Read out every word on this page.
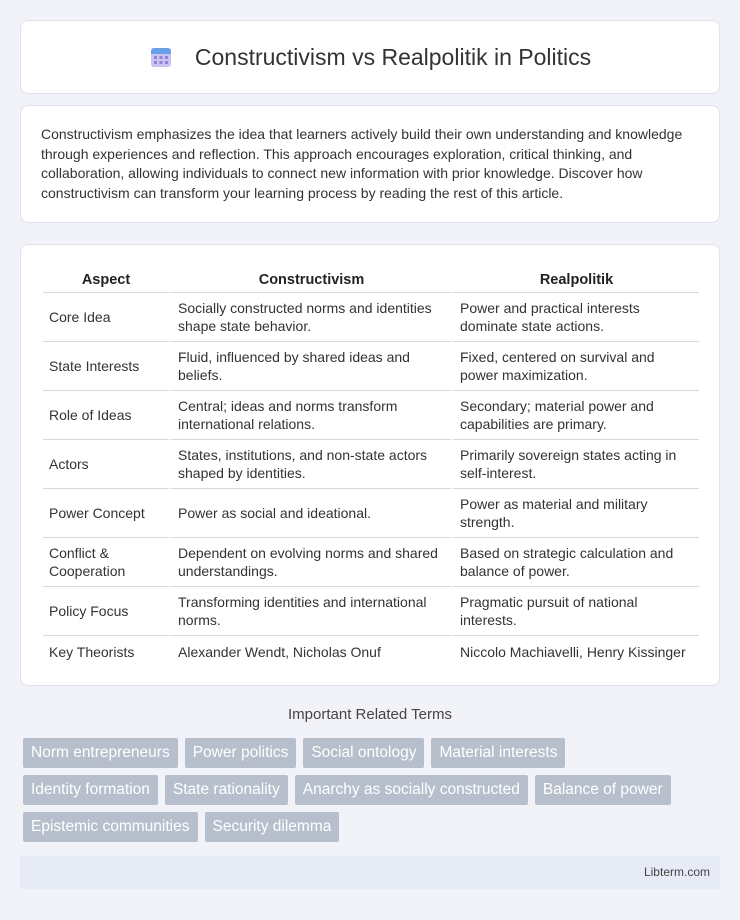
Constructivism vs Realpolitik in Politics

Constructivism emphasizes the idea that learners actively build their own understanding and knowledge through experiences and reflection. This approach encourages exploration, critical thinking, and collaboration, allowing individuals to connect new information with prior knowledge. Discover how constructivism can transform your learning process by reading the rest of this article.

Aspect	Constructivism	Realpolitik
Core Idea	Socially constructed norms and identities shape state behavior.	Power and practical interests dominate state actions.
State Interests	Fluid, influenced by shared ideas and beliefs.	Fixed, centered on survival and power maximization.
Role of Ideas	Central; ideas and norms transform international relations.	Secondary; material power and capabilities are primary.
Actors	States, institutions, and non-state actors shaped by identities.	Primarily sovereign states acting in self-interest.
Power Concept	Power as social and ideational.	Power as material and military strength.
Conflict & Cooperation	Dependent on evolving norms and shared understandings.	Based on strategic calculation and balance of power.
Policy Focus	Transforming identities and international norms.	Pragmatic pursuit of national interests.
Key Theorists	Alexander Wendt, Nicholas Onuf	Niccolo Machiavelli, Henry Kissinger
Important Related Terms
Norm entrepreneurs	Power politics	Social ontology	Material interests
Identity formation	State rationality	Anarchy as socially constructed	Balance of power
Epistemic communities	Security dilemma
Libterm.com
